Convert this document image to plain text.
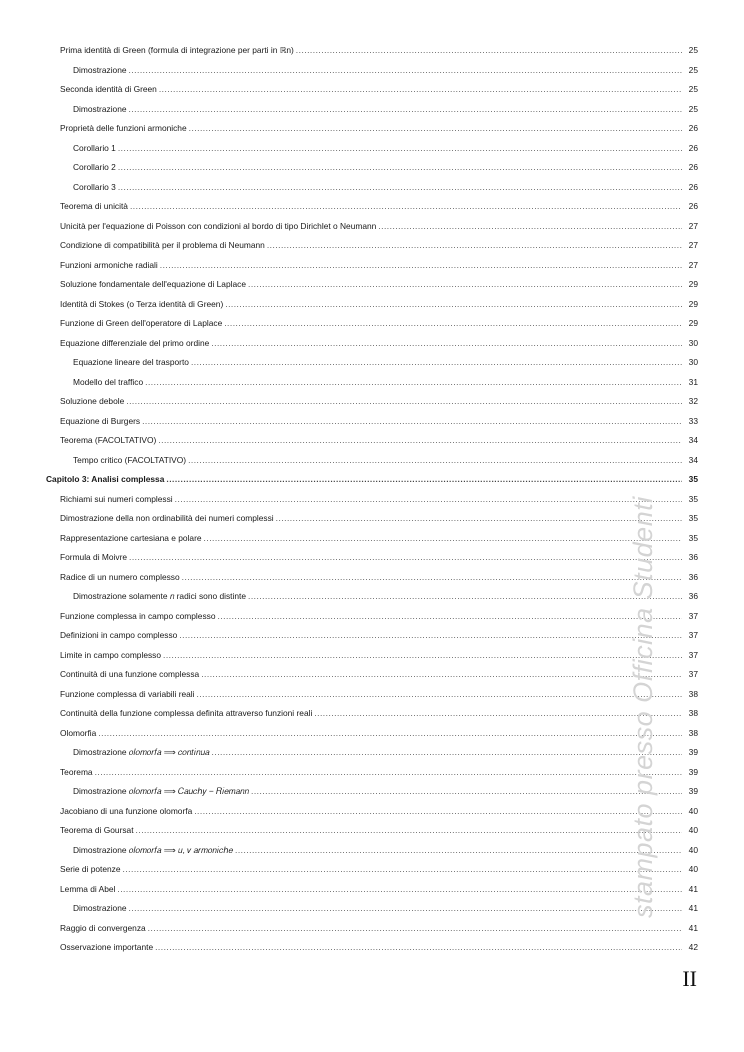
Prima identità di Green (formula di integrazione per parti in ℝn) .....	25
Dimostrazione .....	25
Seconda identità di Green .....	25
Dimostrazione .....	25
Proprietà delle funzioni armoniche .....	26
Corollario 1 .....	26
Corollario 2 .....	26
Corollario 3 .....	26
Teorema di unicità .....	26
Unicità per l'equazione di Poisson con condizioni al bordo di tipo Dirichlet o Neumann .....	27
Condizione di compatibilità per il problema di Neumann .....	27
Funzioni armoniche radiali .....	27
Soluzione fondamentale dell'equazione di Laplace .....	29
Identità di Stokes (o Terza identità di Green) .....	29
Funzione di Green dell'operatore di Laplace .....	29
Equazione differenziale del primo ordine .....	30
Equazione lineare del trasporto .....	30
Modello del traffico .....	31
Soluzione debole .....	32
Equazione di Burgers .....	33
Teorema (FACOLTATIVO) .....	34
Tempo critico (FACOLTATIVO) .....	34
Capitolo 3: Analisi complessa .....	35
Richiami sui numeri complessi .....	35
Dimostrazione della non ordinabilità dei numeri complessi .....	35
Rappresentazione cartesiana e polare .....	35
Formula di Moivre .....	36
Radice di un numero complesso .....	36
Dimostrazione solamente 𝑛 radici sono distinte .....	36
Funzione complessa in campo complesso .....	37
Definizioni in campo complesso .....	37
Limite in campo complesso .....	37
Continuità di una funzione complessa .....	37
Funzione complessa di variabili reali .....	38
Continuità della funzione complessa definita attraverso funzioni reali .....	38
Olomorfia .....	38
Dimostrazione 𝑜𝑙𝑜𝑚𝑜𝑟𝑓𝑎 ⟹ 𝑐𝑜𝑛𝑡𝑖𝑛𝑢𝑎 .....	39
Teorema .....	39
Dimostrazione 𝑜𝑙𝑜𝑚𝑜𝑟𝑓𝑎 ⟹ 𝐶𝑎𝑢𝑐ℎ𝑦 − 𝑅𝑖𝑒𝑚𝑎𝑛𝑛 .....	39
Jacobiano di una funzione olomorfa .....	40
Teorema di Goursat .....	40
Dimostrazione 𝑜𝑙𝑜𝑚𝑜𝑟𝑓𝑎 ⟹ 𝑢, 𝑣 𝑎𝑟𝑚𝑜𝑛𝑖𝑐ℎ𝑒 .....	40
Serie di potenze .....	40
Lemma di Abel .....	41
Dimostrazione .....	41
Raggio di convergenza .....	41
Osservazione importante .....	42
stampato presso Officina Studenti
II
